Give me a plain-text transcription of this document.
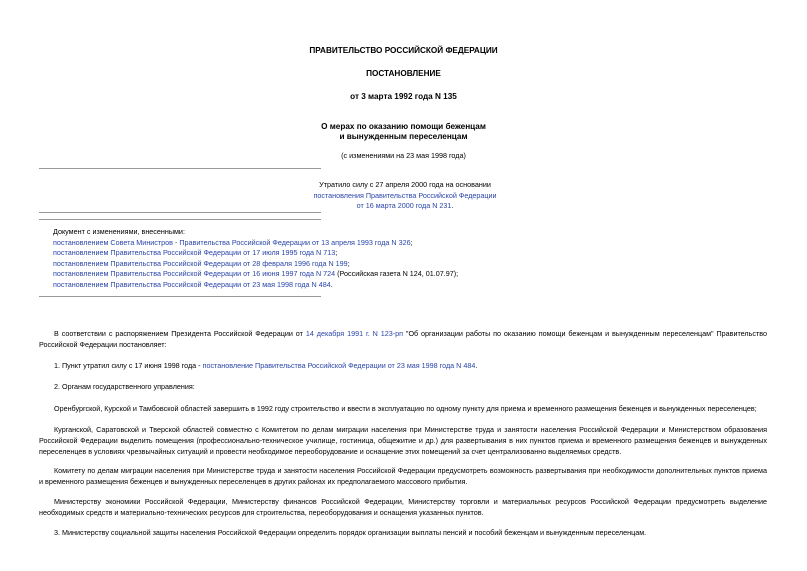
ПРАВИТЕЛЬСТВО РОССИЙСКОЙ ФЕДЕРАЦИИ
ПОСТАНОВЛЕНИЕ
от 3 марта 1992 года N 135
О мерах по оказанию помощи беженцам
и вынужденным переселенцам
(с изменениями на 23 мая 1998 года)
Утратило силу с 27 апреля 2000 года на основании
постановления Правительства Российской Федерации
от 16 марта 2000 года N 231.
Документ с изменениями, внесенными:
постановлением Совета Министров - Правительства Российской Федерации от 13 апреля 1993 года N 326;
постановлением Правительства Российской Федерации от 17 июля 1995 года N 713;
постановлением Правительства Российской Федерации от 28 февраля 1996 года N 199;
постановлением Правительства Российской Федерации от 16 июня 1997 года N 724 (Российская газета N 124, 01.07.97);
постановлением Правительства Российской Федерации от 23 мая 1998 года N 484.
В соответствии с распоряжением Президента Российской Федерации от 14 декабря 1991 г. N 123-рп "Об организации работы по оказанию помощи беженцам и вынужденным переселенцам" Правительство Российской Федерации постановляет:
1. Пункт утратил силу с 17 июня 1998 года - постановление Правительства Российской Федерации от 23 мая 1998 года N 484.
2. Органам государственного управления:
Оренбургской, Курской и Тамбовской областей завершить в 1992 году строительство и ввести в эксплуатацию по одному пункту для приема и временного размещения беженцев и вынужденных переселенцев;
Курганской, Саратовской и Тверской областей совместно с Комитетом по делам миграции населения при Министерстве труда и занятости населения Российской Федерации и Министерством образования Российской Федерации выделить помещения (профессионально-техническое училище, гостиница, общежитие и др.) для развертывания в них пунктов приема и временного размещения беженцев и вынужденных переселенцев в условиях чрезвычайных ситуаций и провести необходимое переоборудование и оснащение этих помещений за счет централизованно выделяемых средств.
Комитету по делам миграции населения при Министерстве труда и занятости населения Российской Федерации предусмотреть возможность развертывания при необходимости дополнительных пунктов приема и временного размещения беженцев и вынужденных переселенцев в других районах их предполагаемого массового прибытия.
Министерству экономики Российской Федерации, Министерству финансов Российской Федерации, Министерству торговли и материальных ресурсов Российской Федерации предусмотреть выделение необходимых средств и материально-технических ресурсов для строительства, переоборудования и оснащения указанных пунктов.
3. Министерству социальной защиты населения Российской Федерации определить порядок организации выплаты пенсий и пособий беженцам и вынужденным переселенцам.
